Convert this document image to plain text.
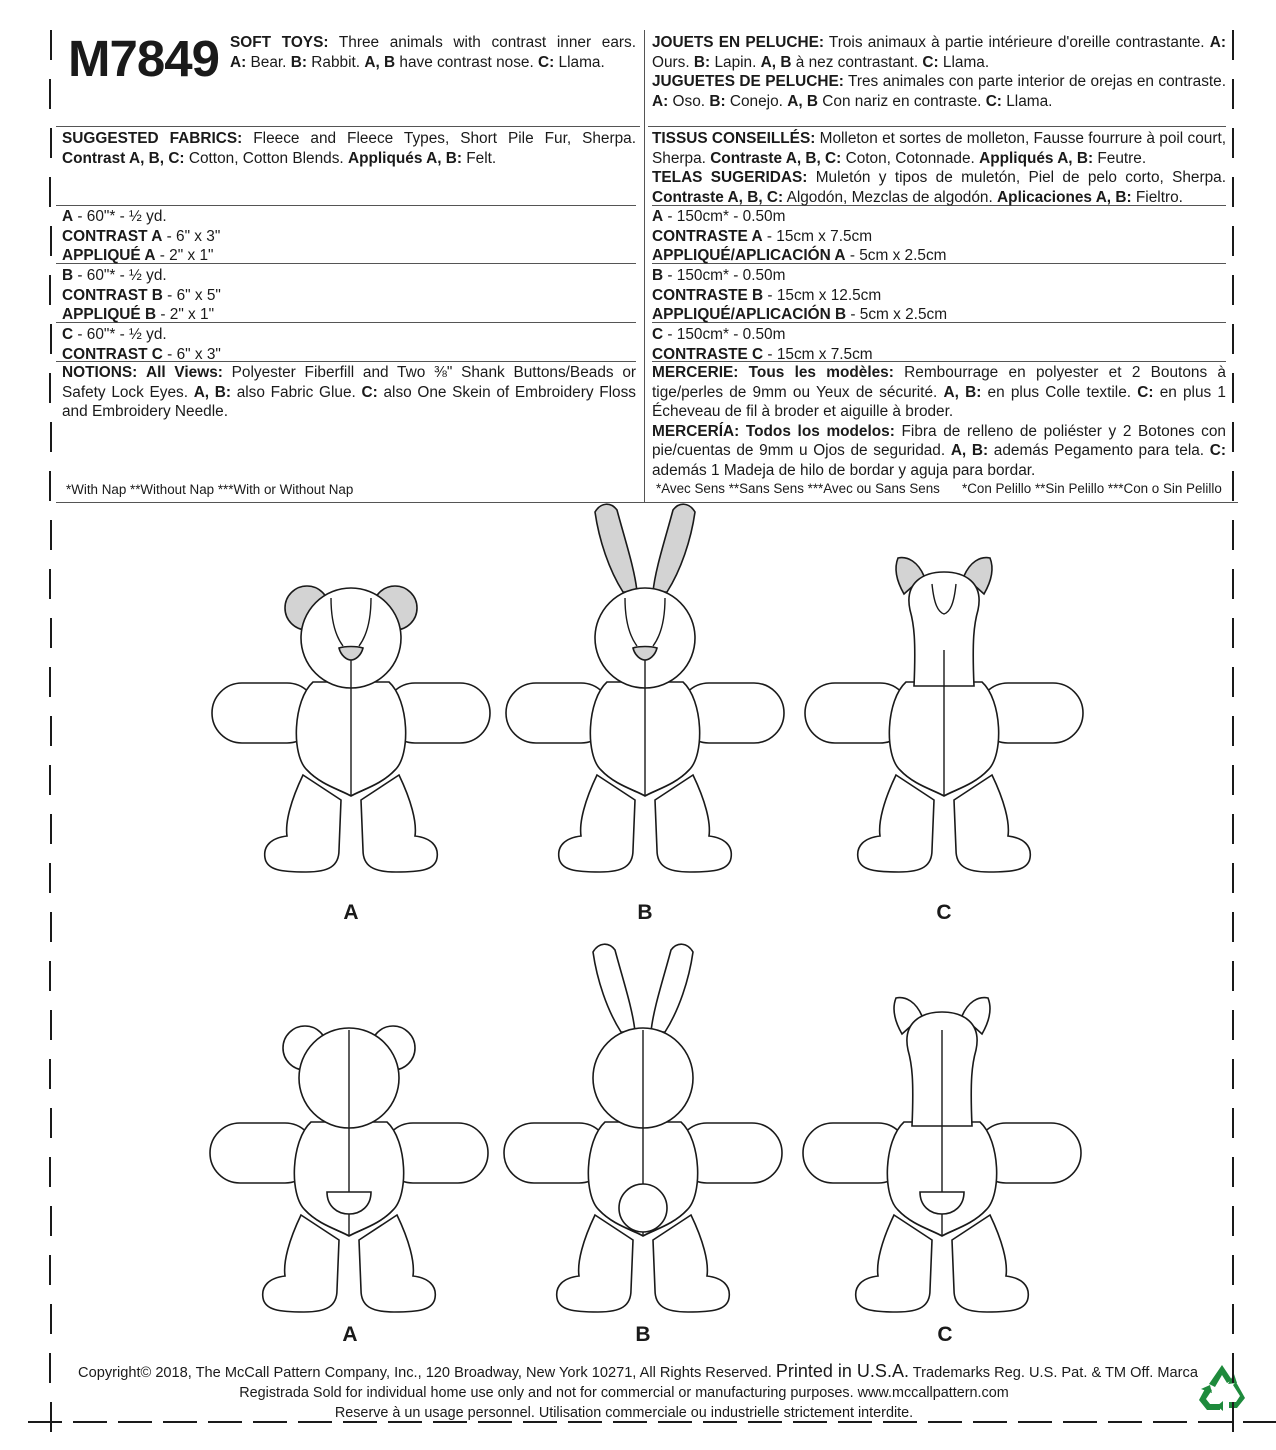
M7849 SOFT TOYS: Three animals with contrast inner ears.
A: Bear. B: Rabbit. A, B have contrast nose. C: Llama.
JOUETS EN PELUCHE: Trois animaux à partie intérieure d'oreille contrastante. A: Ours. B: Lapin. A, B à nez contrastant. C: Llama.
JUGUETES DE PELUCHE: Tres animales con parte interior de orejas en contraste. A: Oso. B: Conejo. A, B Con nariz en contraste. C: Llama.
SUGGESTED FABRICS: Fleece and Fleece Types, Short Pile Fur, Sherpa. Contrast A, B, C: Cotton, Cotton Blends. Appliqués A, B: Felt.
TISSUS CONSEILLÉS: Molleton et sortes de molleton, Fausse fourrure à poil court, Sherpa. Contraste A, B, C: Coton, Cotonnade. Appliqués A, B: Feutre.
TELAS SUGERIDAS: Muletón y tipos de muletón, Piel de pelo corto, Sherpa. Contraste A, B, C: Algodón, Mezclas de algodón. Aplicaciones A, B: Fieltro.
A - 60"* - ½ yd.
CONTRAST A - 6" x 3"
APPLIQUÉ A - 2" x 1"
B - 60"* - ½ yd.
CONTRAST B - 6" x 5"
APPLIQUÉ B - 2" x 1"
C - 60"* - ½ yd.
CONTRAST C - 6" x 3"
A - 150cm* - 0.50m
CONTRASTE A - 15cm x 7.5cm
APPLIQUÉ/APLICACIÓN A - 5cm x 2.5cm
B - 150cm* - 0.50m
CONTRASTE B - 15cm x 12.5cm
APPLIQUÉ/APLICACIÓN B - 5cm x 2.5cm
C - 150cm* - 0.50m
CONTRASTE C - 15cm x 7.5cm
NOTIONS: All Views: Polyester Fiberfill and Two ⅜" Shank Buttons/Beads or Safety Lock Eyes. A, B: also Fabric Glue. C: also One Skein of Embroidery Floss and Embroidery Needle.
MERCERIE: Tous les modèles: Rembourrage en polyester et 2 Boutons à tige/perles de 9mm ou Yeux de sécurité. A, B: en plus Colle textile. C: en plus 1 Écheveau de fil à broder et aiguille à broder.
MERCERÍA: Todos los modelos: Fibra de relleno de poliéster y 2 Botones con pie/cuentas de 9mm u Ojos de seguridad. A, B: además Pegamento para tela. C: además 1 Madeja de hilo de bordar y aguja para bordar.
*With Nap **Without Nap ***With or Without Nap	*Avec Sens **Sans Sens ***Avec ou Sans Sens *Con Pelillo **Sin Pelillo ***Con o Sin Pelillo
A	B	C
A	B	C
Copyright© 2018, The McCall Pattern Company, Inc., 120 Broadway, New York 10271, All Rights Reserved. Printed in U.S.A. Trademarks Reg. U.S. Pat. & TM Off. Marca
Registrada Sold for individual home use only and not for commercial or manufacturing purposes. www.mccallpattern.com
Reserve à un usage personnel. Utilisation commerciale ou industrielle strictement interdite.
